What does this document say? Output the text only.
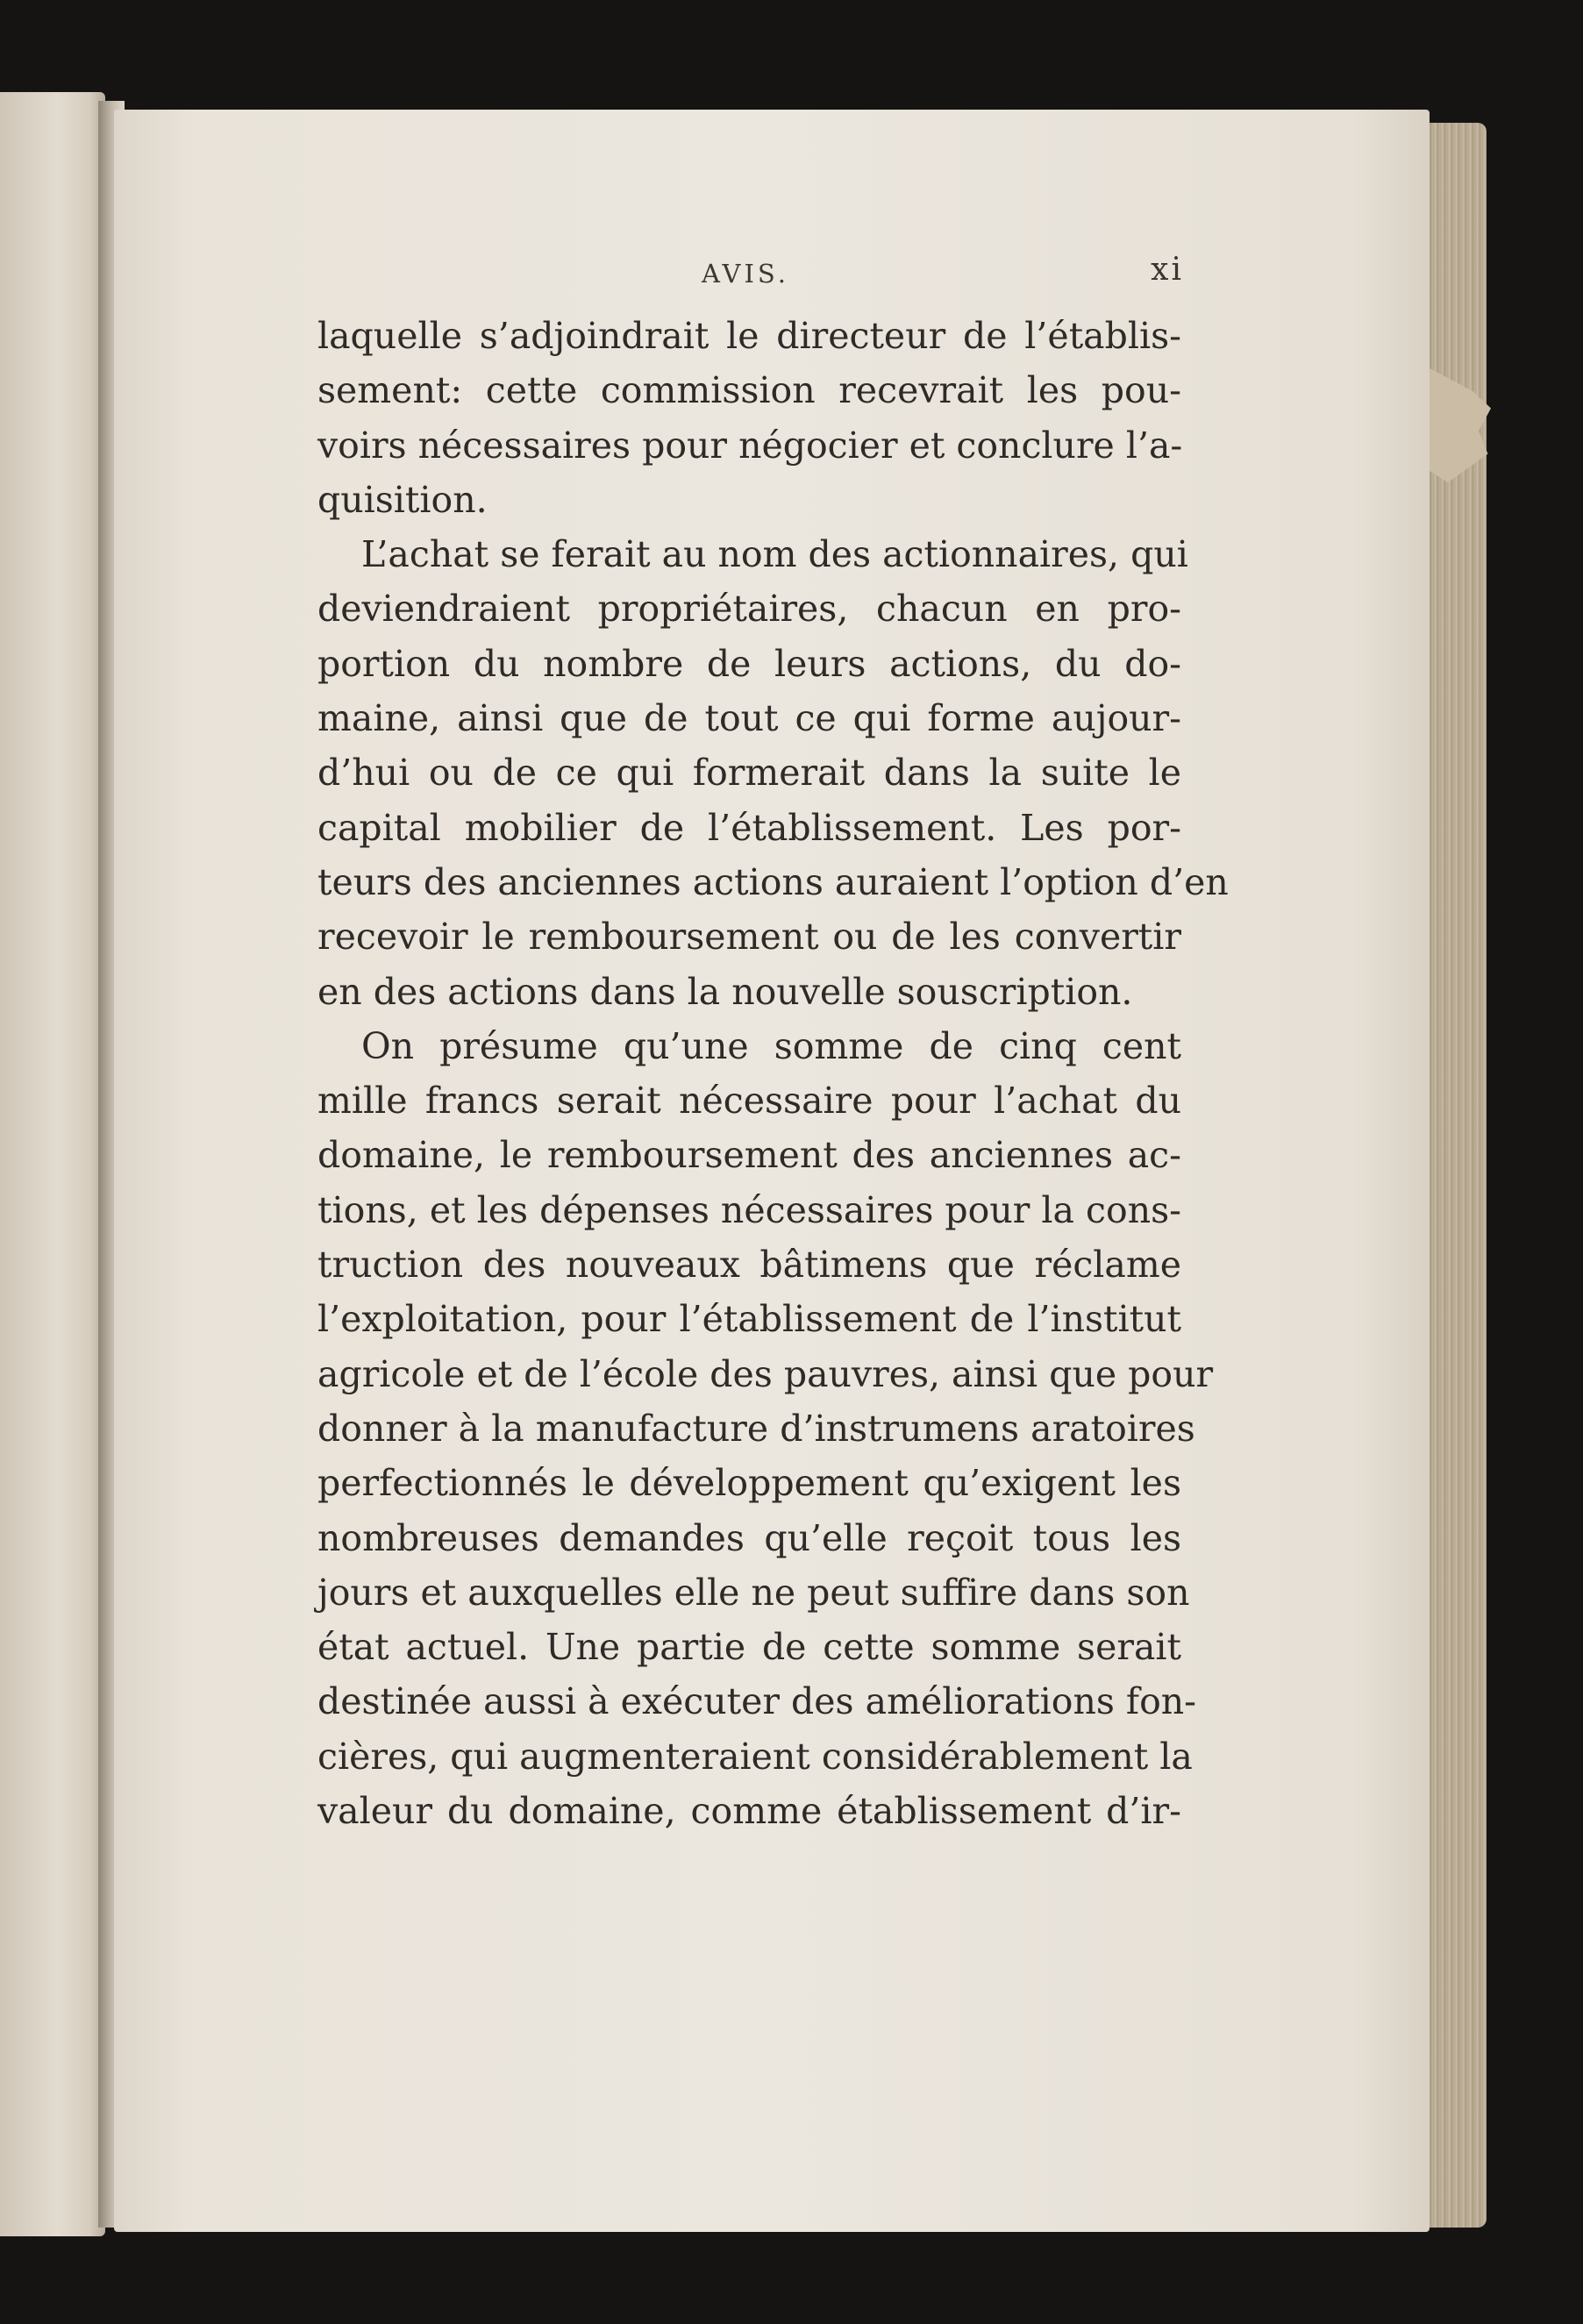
AVIS.	xi
laquelle s’adjoindrait le directeur de l’établis-
sement: cette commission recevrait les pou-
voirs nécessaires pour négocier et conclure l’a-
quisition.
L’achat se ferait au nom des actionnaires, qui
deviendraient propriétaires, chacun en pro-
portion du nombre de leurs actions, du do-
maine, ainsi que de tout ce qui forme aujour-
d’hui ou de ce qui formerait dans la suite le
capital mobilier de l’établissement. Les por-
teurs des anciennes actions auraient l’option d’en
recevoir le remboursement ou de les convertir
en des actions dans la nouvelle souscription.
On présume qu’une somme de cinq cent
mille francs serait nécessaire pour l’achat du
domaine, le remboursement des anciennes ac-
tions, et les dépenses nécessaires pour la cons-
truction des nouveaux bâtimens que réclame
l’exploitation, pour l’établissement de l’institut
agricole et de l’école des pauvres, ainsi que pour
donner à la manufacture d’instrumens aratoires
perfectionnés le développement qu’exigent les
nombreuses demandes qu’elle reçoit tous les
jours et auxquelles elle ne peut suffire dans son
état actuel. Une partie de cette somme serait
destinée aussi à exécuter des améliorations fon-
cières, qui augmenteraient considérablement la
valeur du domaine, comme établissement d’ir-
